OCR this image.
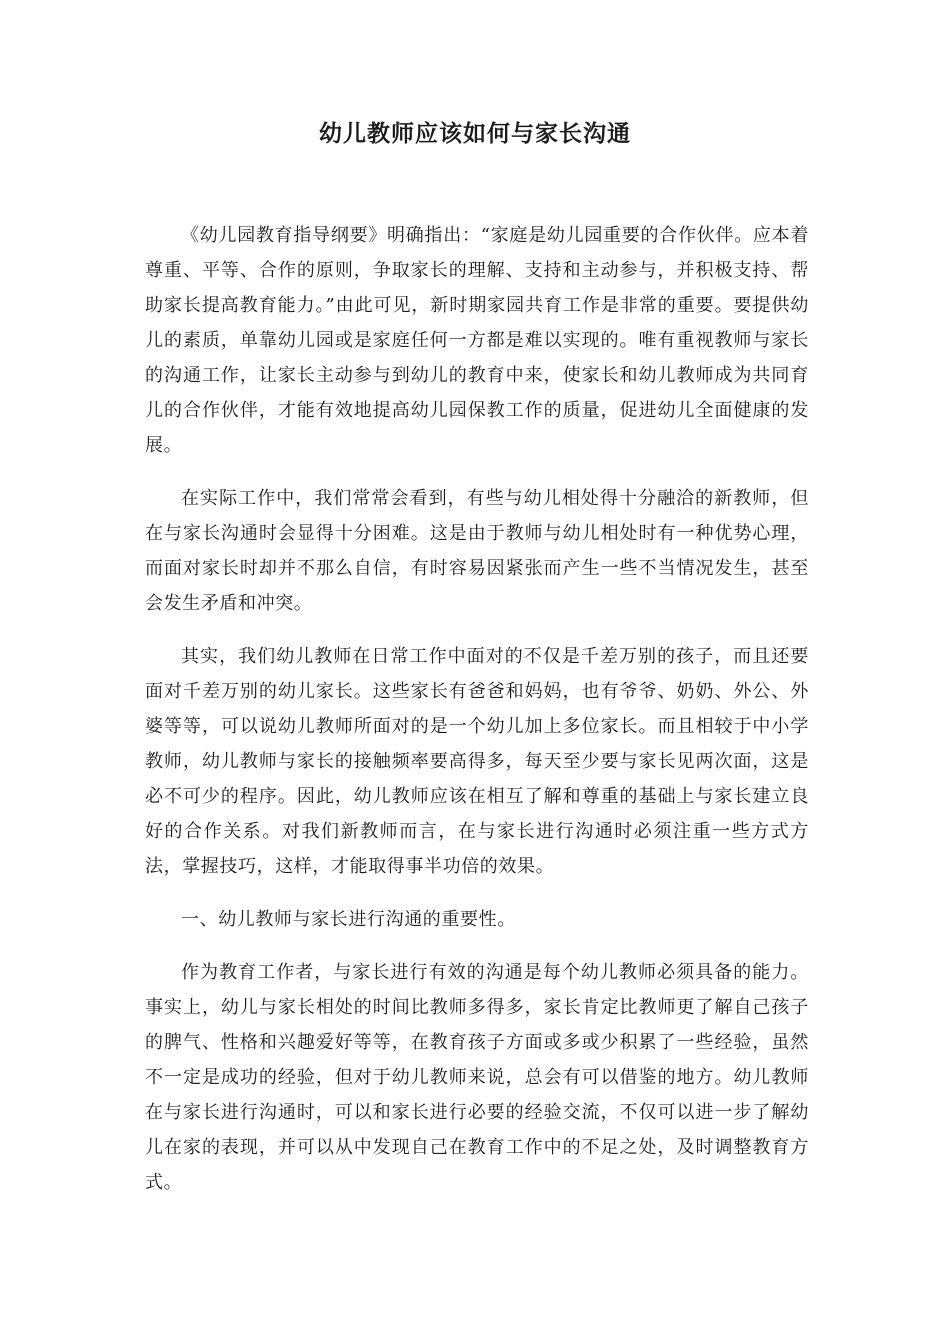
幼儿教师应该如何与家长沟通

《幼儿园教育指导纲要》明确指出：“家庭是幼儿园重要的合作伙伴。应本着尊重、平等、合作的原则，争取家长的理解、支持和主动参与，并积极支持、帮助家长提高教育能力。”由此可见，新时期家园共育工作是非常的重要。要提供幼儿的素质，单靠幼儿园或是家庭任何一方都是难以实现的。唯有重视教师与家长的沟通工作，让家长主动参与到幼儿的教育中来，使家长和幼儿教师成为共同育儿的合作伙伴，才能有效地提高幼儿园保教工作的质量，促进幼儿全面健康的发展。

在实际工作中，我们常常会看到，有些与幼儿相处得十分融洽的新教师，但在与家长沟通时会显得十分困难。这是由于教师与幼儿相处时有一种优势心理，而面对家长时却并不那么自信，有时容易因紧张而产生一些不当情况发生，甚至会发生矛盾和冲突。

其实，我们幼儿教师在日常工作中面对的不仅是千差万别的孩子，而且还要面对千差万别的幼儿家长。这些家长有爸爸和妈妈，也有爷爷、奶奶、外公、外婆等等，可以说幼儿教师所面对的是一个幼儿加上多位家长。而且相较于中小学教师，幼儿教师与家长的接触频率要高得多，每天至少要与家长见两次面，这是必不可少的程序。因此，幼儿教师应该在相互了解和尊重的基础上与家长建立良好的合作关系。对我们新教师而言，在与家长进行沟通时必须注重一些方式方法，掌握技巧，这样，才能取得事半功倍的效果。

一、幼儿教师与家长进行沟通的重要性。

作为教育工作者，与家长进行有效的沟通是每个幼儿教师必须具备的能力。事实上，幼儿与家长相处的时间比教师多得多，家长肯定比教师更了解自己孩子的脾气、性格和兴趣爱好等等，在教育孩子方面或多或少积累了一些经验，虽然不一定是成功的经验，但对于幼儿教师来说，总会有可以借鉴的地方。幼儿教师在与家长进行沟通时，可以和家长进行必要的经验交流，不仅可以进一步了解幼儿在家的表现，并可以从中发现自己在教育工作中的不足之处，及时调整教育方式。
